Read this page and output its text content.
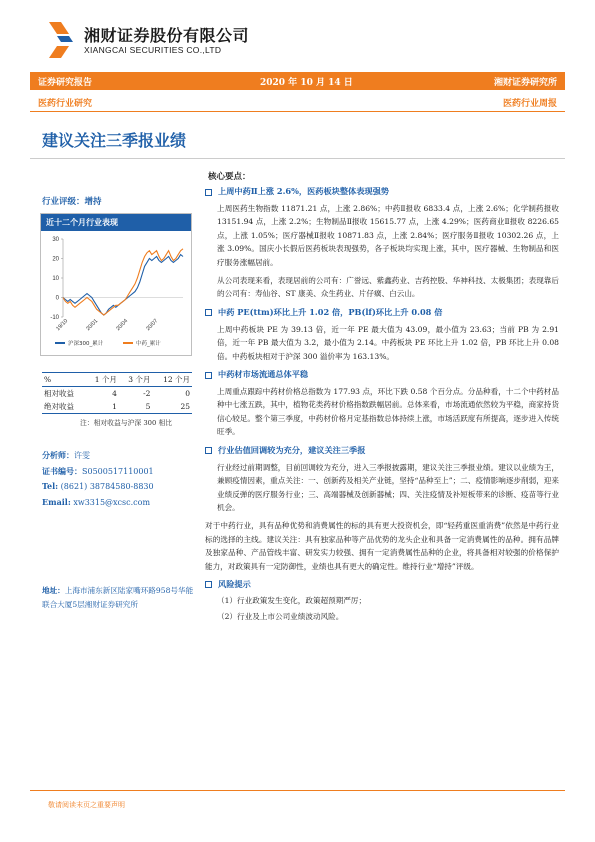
湘财证券股份有限公司
XIANGCAI SECURITIES CO.,LTD
证券研究报告	2020 年 10 月 14 日	湘财证券研究所
医药行业研究	医药行业周报
建议关注三季报业绩
行业评级：增持
近十二个月行业表现
-10
0
10
20
30
19/10	20/01	20/04	20/07
沪深300_累计	中药_累计
%	1 个月	3 个月	12 个月
相对收益	4	-2	0
绝对收益	1	5	25
注：相对收益与沪深 300 相比
分析师：许雯
证书编号：S0500517110001
Tel: (8621) 38784580-8830
Email: xw3315@xcsc.com
地址：上海市浦东新区陆家嘴环路958号华能联合大厦5层湘财证券研究所
核心要点：
上周中药Ⅱ上涨 2.6%，医药板块整体表现强势
上周医药生物指数 11871.21 点，上涨 2.86%；中药Ⅱ报收 6833.4 点，上涨 2.6%；化学制药报收 13151.94 点，上涨 2.2%；生物制品Ⅱ报收 15615.77 点，上涨 4.29%；医药商业Ⅱ报收 8226.65 点，上涨 1.05%；医疗器械Ⅱ报收 10871.83 点，上涨 2.84%；医疗服务Ⅱ报收 10302.26 点，上涨 3.09%。国庆小长假后医药板块表现强势，各子板块均实现上涨，其中，医疗器械、生物制品和医疗服务涨幅居前。
从公司表现来看，表现居前的公司有：广誉远、紫鑫药业、吉药控股、华神科技、太极集团；表现靠后的公司有：寿仙谷、ST 康美、众生药业、片仔癀、白云山。
中药 PE(ttm)环比上升 1.02 倍，PB(lf)环比上升 0.08 倍
上周中药板块 PE 为 39.13 倍，近一年 PE 最大值为 43.09，最小值为 23.63；当前 PB 为 2.91 倍，近一年 PB 最大值为 3.2，最小值为 2.14。中药板块 PE 环比上升 1.02 倍，PB 环比上升 0.08 倍。中药板块相对于沪深 300 溢价率为 163.13%。
中药材市场流通总体平稳
上周重点跟踪中药材价格总指数为 177.93 点，环比下跌 0.58 个百分点。分品种看，十二个中药材品种中七涨五跌，其中，植物花类药材价格指数跌幅居前。总体来看，市场流通依然较为平稳，商家持货信心较足。整个第三季度，中药材价格月定基指数总体持续上涨，市场活跃度有所提高，逐步进入传统旺季。
行业估值回调较为充分，建议关注三季报
行业经过前期调整，目前回调较为充分，进入三季报披露期，建议关注三季报业绩。建议以业绩为王，兼顾疫情因素，重点关注：一、创新药及相关产业链，坚持“品种至上”；二、疫情影响逐步削弱，迎来业绩反弹的医疗服务行业；三、高端器械及创新器械；四、关注疫情及补短板带来的诊断、疫苗等行业机会。
对于中药行业，具有品种优势和消费属性的标的具有更大投资机会，即“轻药重医重消费”依然是中药行业标的选择的主线。建议关注：具有独家品种等产品优势的龙头企业和具备一定消费属性的品种。拥有品牌及独家品种、产品管线丰富、研发实力较强、拥有一定消费属性品种的企业，将具备相对较强的价格保护能力，对政策具有一定防御性，业绩也具有更大的确定性。维持行业“增持”评级。
风险提示
（1）行业政策发生变化，政策超预期严厉；
（2）行业及上市公司业绩波动风险。
敬请阅读末页之重要声明
